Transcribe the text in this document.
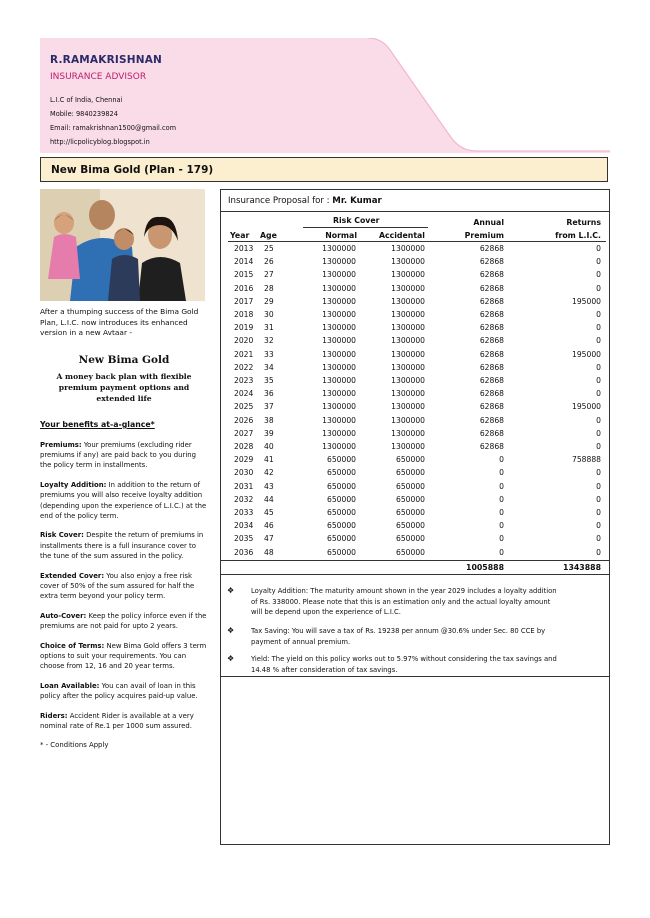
R.RAMAKRISHNAN
INSURANCE ADVISOR
L.I.C of India, Chennai
Mobile: 9840239824
Email: ramakrishnan1500@gmail.com
http://licpolicyblog.blogspot.in
New Bima Gold (Plan - 179)

After a thumping success of the Bima Gold Plan, L.I.C. now introduces its enhanced version in a new Avtaar -

New Bima Gold
A money back plan with flexible premium payment options and extended life
Your benefits at-a-glance*
Premiums: Your premiums (excluding rider premiums if any) are paid back to you during the policy term in installments.
Loyalty Addition: In addition to the return of premiums you will also receive loyalty addition (depending upon the experience of L.I.C.) at the end of the policy term.
Risk Cover: Despite the return of premiums in installments there is a full insurance cover to the tune of the sum assured in the policy.
Extended Cover: You also enjoy a free risk cover of 50% of the sum assured for half the extra term beyond your policy term.
Auto-Cover: Keep the policy inforce even if the premiums are not paid for upto 2 years.
Choice of Terms: New Bima Gold offers 3 term options to suit your requirements. You can choose from 12, 16 and 20 year terms.
Loan Available: You can avail of loan in this policy after the policy acquires paid-up value.
Riders: Accident Rider is available at a very nominal rate of Re.1 per 1000 sum assured.
* - Conditions Apply
Insurance Proposal for : Mr. Kumar
Risk Cover	Annual	Returns
Year Age	Normal	Accidental	Premium	from L.I.C.
2013 25	1300000	1300000	62868	0
2014 26	1300000	1300000	62868	0
2015 27	1300000	1300000	62868	0
2016 28	1300000	1300000	62868	0
2017 29	1300000	1300000	62868	195000
2018 30	1300000	1300000	62868	0
2019 31	1300000	1300000	62868	0
2020 32	1300000	1300000	62868	0
2021 33	1300000	1300000	62868	195000
2022 34	1300000	1300000	62868	0
2023 35	1300000	1300000	62868	0
2024 36	1300000	1300000	62868	0
2025 37	1300000	1300000	62868	195000
2026 38	1300000	1300000	62868	0
2027 39	1300000	1300000	62868	0
2028 40	1300000	1300000	62868	0
2029 41	650000	650000	0	758888
2030 42	650000	650000	0	0
2031 43	650000	650000	0	0
2032 44	650000	650000	0	0
2033 45	650000	650000	0	0
2034 46	650000	650000	0	0
2035 47	650000	650000	0	0
2036 48	650000	650000	0	0
1005888	1343888
❖ Loyalty Addition: The maturity amount shown in the year 2029 includes a loyalty addition of Rs. 338000. Please note that this is an estimation only and the actual loyalty amount will be depend upon the experience of L.I.C.
❖ Tax Saving: You will save a tax of Rs. 19238 per annum @30.6% under Sec. 80 CCE by payment of annual premium.
❖ Yield: The yield on this policy works out to 5.97% without considering the tax savings and 14.48 % after consideration of tax savings.
